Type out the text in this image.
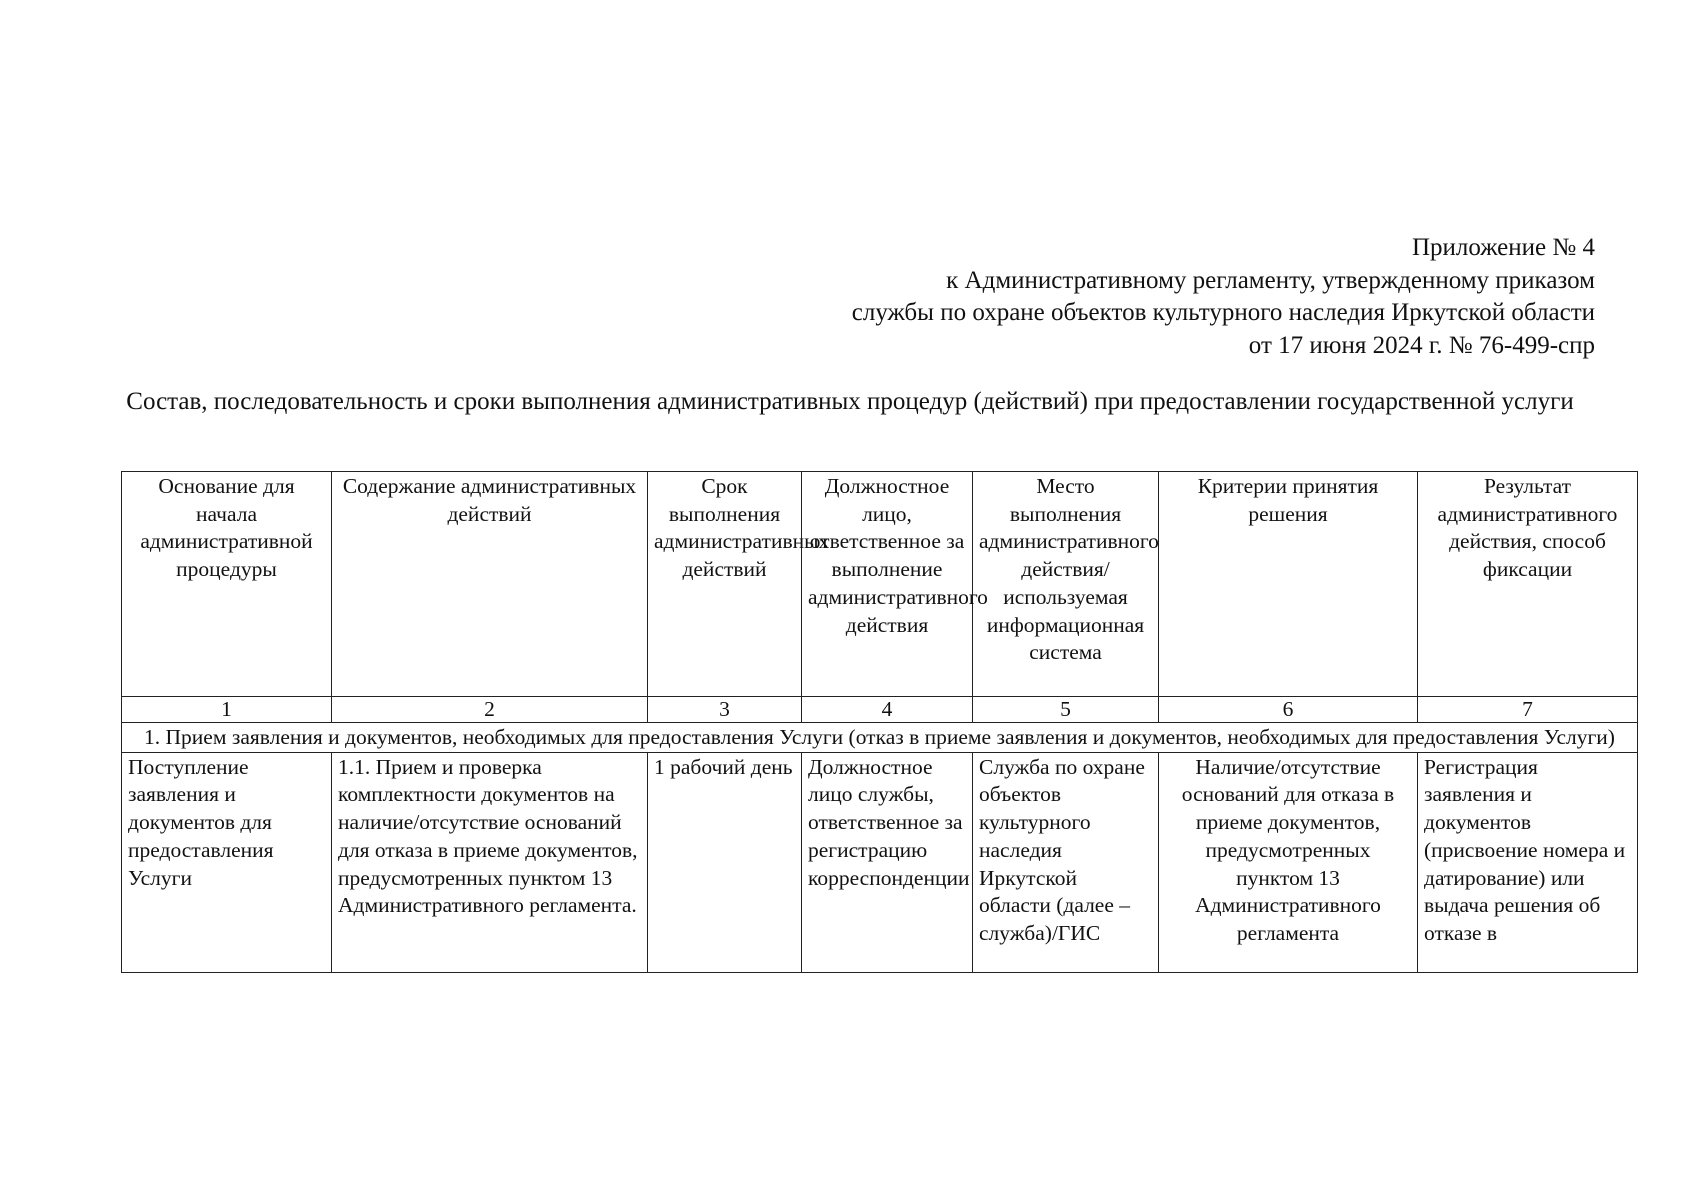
Приложение № 4
к Административному регламенту, утвержденному приказом
службы по охране объектов культурного наследия Иркутской области
от 17 июня 2024 г. № 76-499-спр
Состав, последовательность и сроки выполнения административных процедур (действий) при предоставлении государственной услуги
Основание для начала административной процедуры	Содержание административных действий	Срок выполнения административных действий	Должностное лицо, ответственное за выполнение административного действия	Место выполнения административного действия/используемая информационная система	Критерии принятия решения	Результат административного действия, способ фиксации
1	2	3	4	5	6	7
1. Прием заявления и документов, необходимых для предоставления Услуги (отказ в приеме заявления и документов, необходимых для предоставления Услуги)						
Поступление заявления и документов для предоставления Услуги	1.1. Прием и проверка комплектности документов на наличие/отсутствие оснований для отказа в приеме документов, предусмотренных пунктом 13 Административного регламента.	1 рабочий день	Должностное лицо службы, ответственное за регистрацию корреспонденции	Служба по охране объектов культурного наследия Иркутской области (далее – служба)/ГИС	Наличие/отсутствие оснований для отказа в приеме документов, предусмотренных пунктом 13 Административного регламента	Регистрация заявления и документов (присвоение номера и датирование) или выдача решения об отказе в
